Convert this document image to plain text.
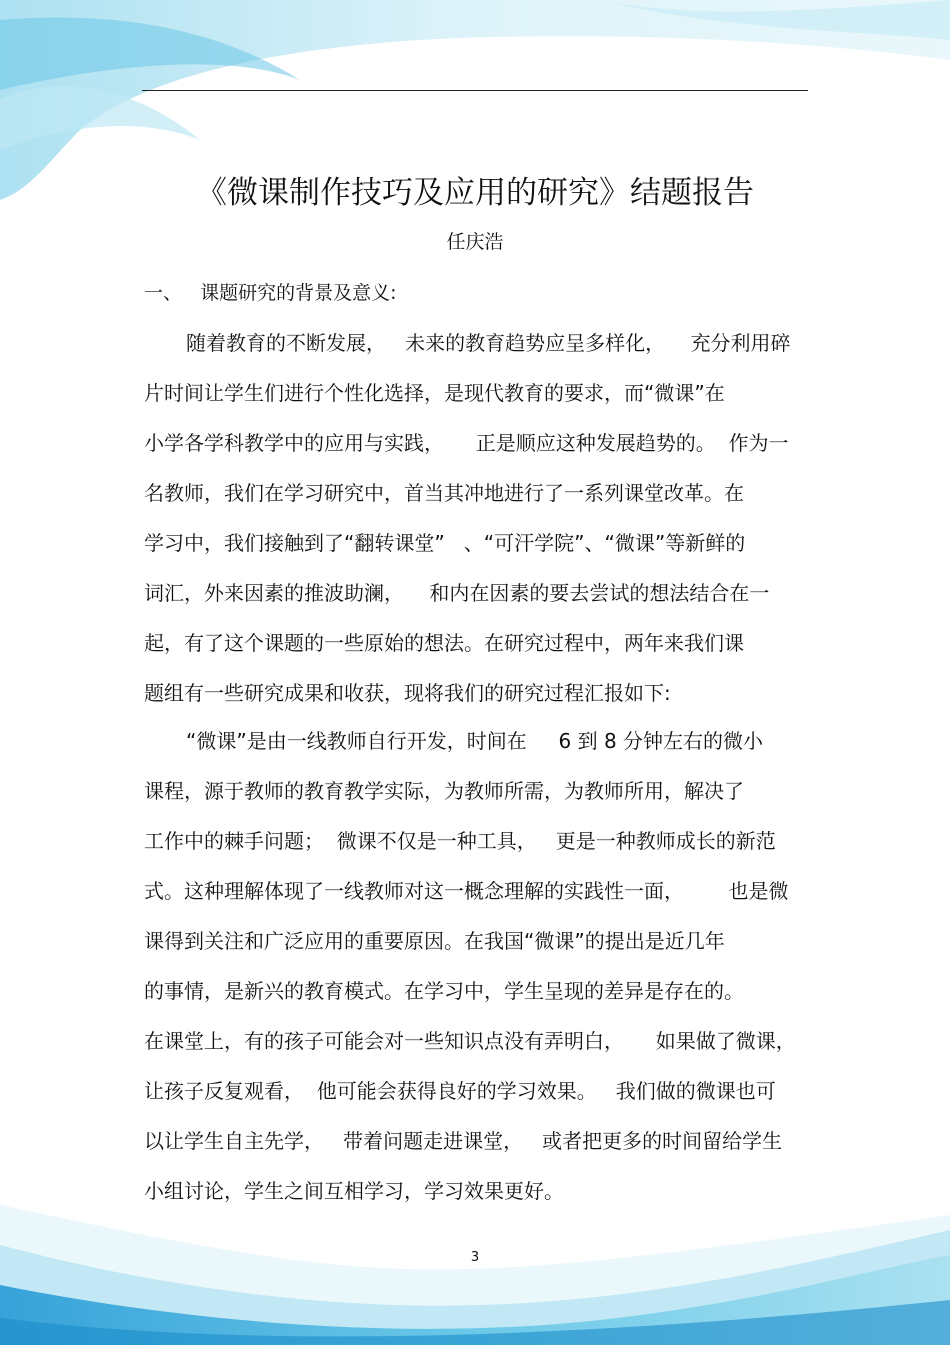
《微课制作技巧及应用的研究》结题报告
任庆浩
一、   课题研究的背景及意义:
随着教育的不断发展，   未来的教育趋势应呈多样化，    充分利用碎
片时间让学生们进行个性化选择，是现代教育的要求，而“微课”在
小学各学科教学中的应用与实践，     正是顺应这种发展趋势的。  作为一
名教师，我们在学习研究中，首当其冲地进行了一系列课堂改革。在
学习中，我们接触到了“翻转课堂”   、“可汗学院”、“微课”等新鲜的
词汇，外来因素的推波助澜，    和内在因素的要去尝试的想法结合在一
起，有了这个课题的一些原始的想法。在研究过程中，两年来我们课
题组有一些研究成果和收获，现将我们的研究过程汇报如下:
“微课”是由一线教师自行开发，时间在     6 到 8 分钟左右的微小
课程，源于教师的教育教学实际，为教师所需，为教师所用，解决了
工作中的棘手问题；  微课不仅是一种工具，   更是一种教师成长的新范
式。这种理解体现了一线教师对这一概念理解的实践性一面，       也是微
课得到关注和广泛应用的重要原因。在我国“微课”的提出是近几年
的事情，是新兴的教育模式。在学习中，学生呈现的差异是存在的。
在课堂上，有的孩子可能会对一些知识点没有弄明白，     如果做了微课，
让孩子反复观看，  他可能会获得良好的学习效果。   我们做的微课也可
以让学生自主先学，   带着问题走进课堂，   或者把更多的时间留给学生
小组讨论，学生之间互相学习，学习效果更好。
3
